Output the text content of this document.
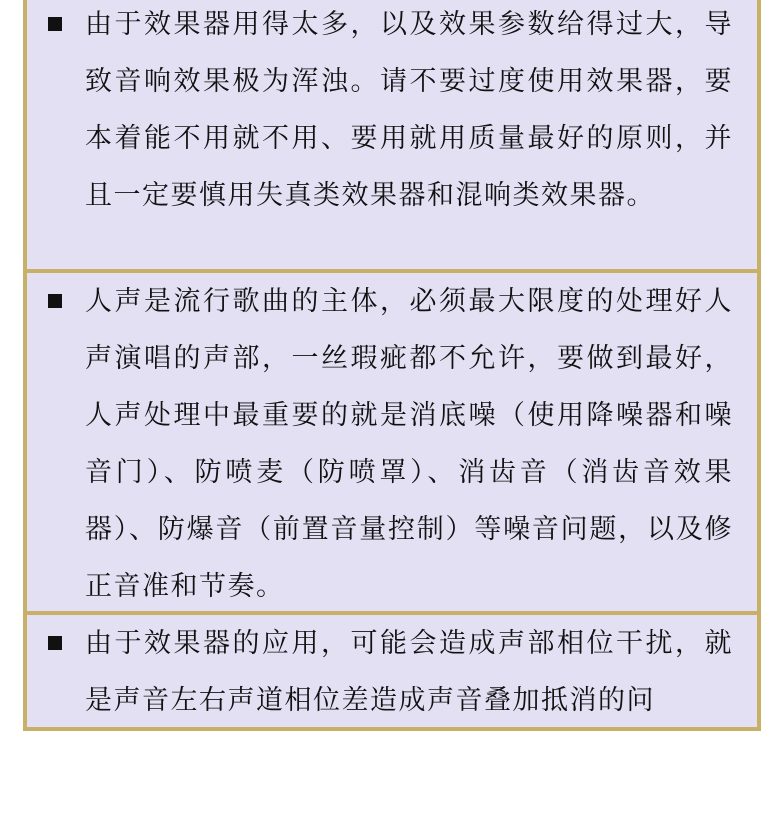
由于效果器用得太多，以及效果参数给得过大，导致音响效果极为浑浊。请不要过度使用效果器，要本着能不用就不用、要用就用质量最好的原则，并且一定要慎用失真类效果器和混响类效果器。

人声是流行歌曲的主体，必须最大限度的处理好人声演唱的声部，一丝瑕疵都不允许，要做到最好，人声处理中最重要的就是消底噪（使用降噪器和噪音门）、防喷麦（防喷罩）、消齿音（消齿音效果器）、防爆音（前置音量控制）等噪音问题，以及修正音准和节奏。

由于效果器的应用，可能会造成声部相位干扰，就是声音左右声道相位差造成声音叠加抵消的问
